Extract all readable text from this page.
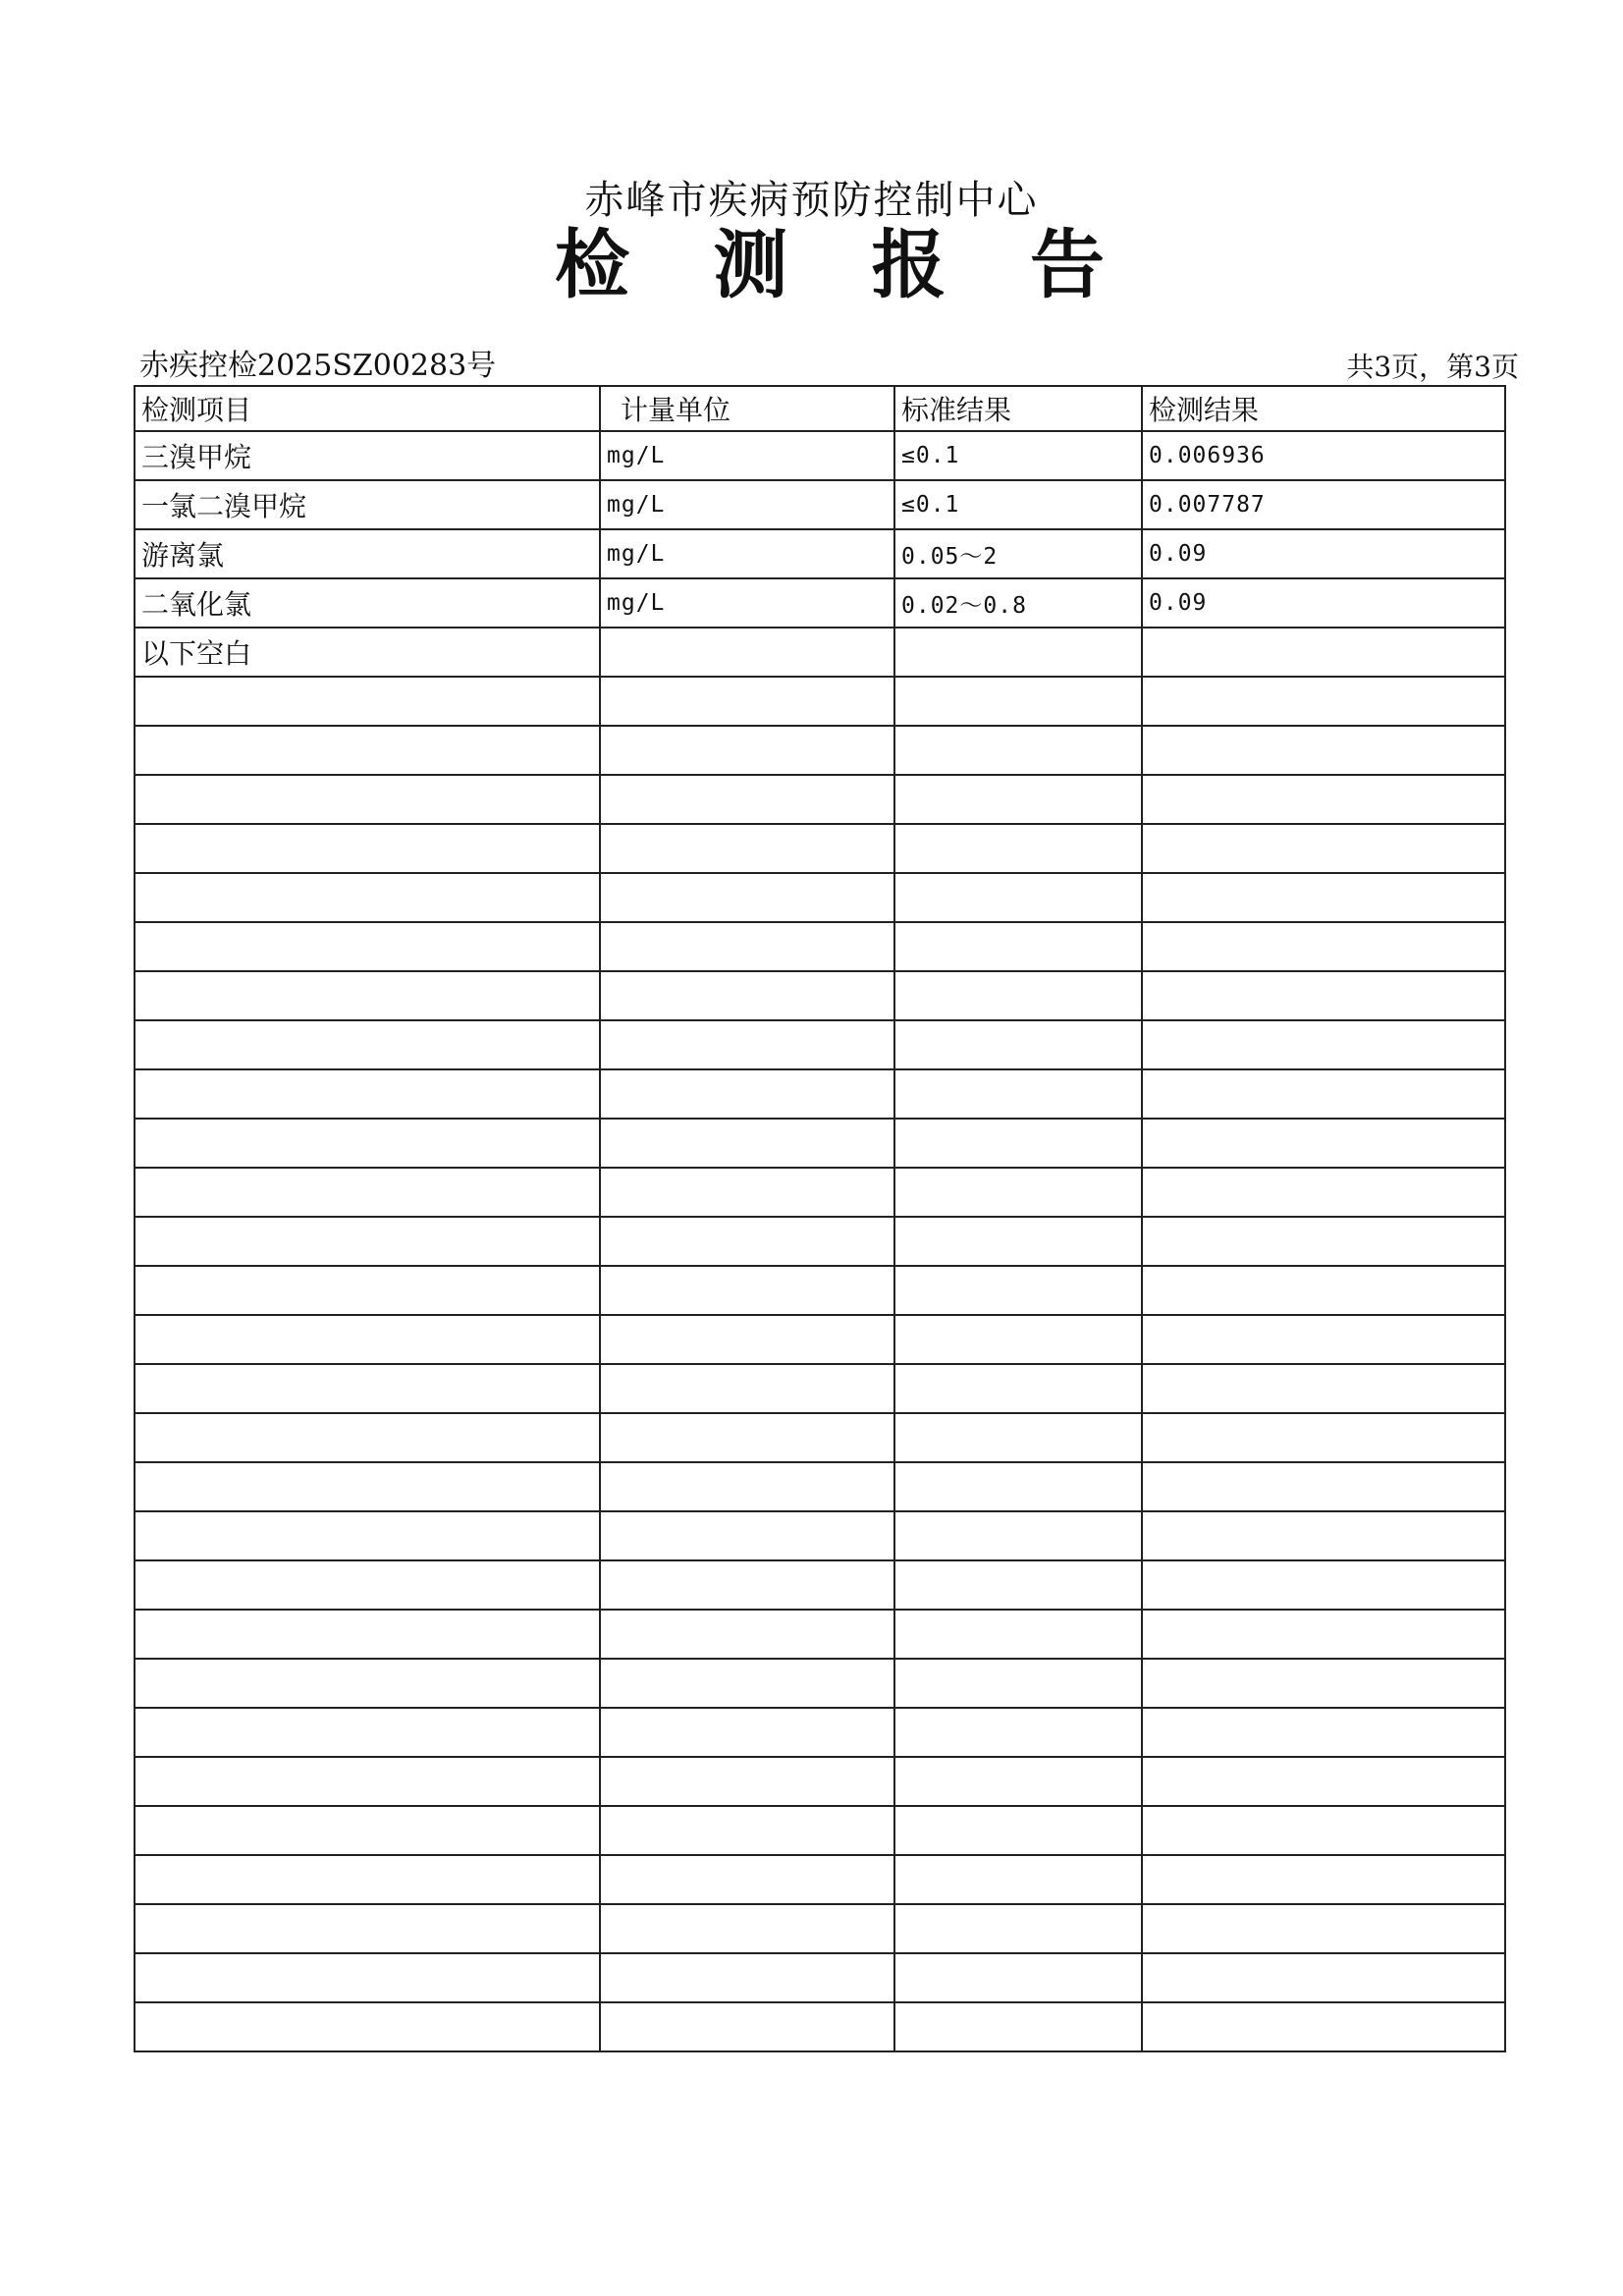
赤峰市疾病预防控制中心
检 测 报 告
赤疾控检2025SZ00283号	共3页，第3页
检测项目	计量单位	标准结果	检测结果
三溴甲烷	mg/L	≤0.1	0.006936
一氯二溴甲烷	mg/L	≤0.1	0.007787
游离氯	mg/L	0.05～2	0.09
二氧化氯	mg/L	0.02～0.8	0.09
以下空白			
